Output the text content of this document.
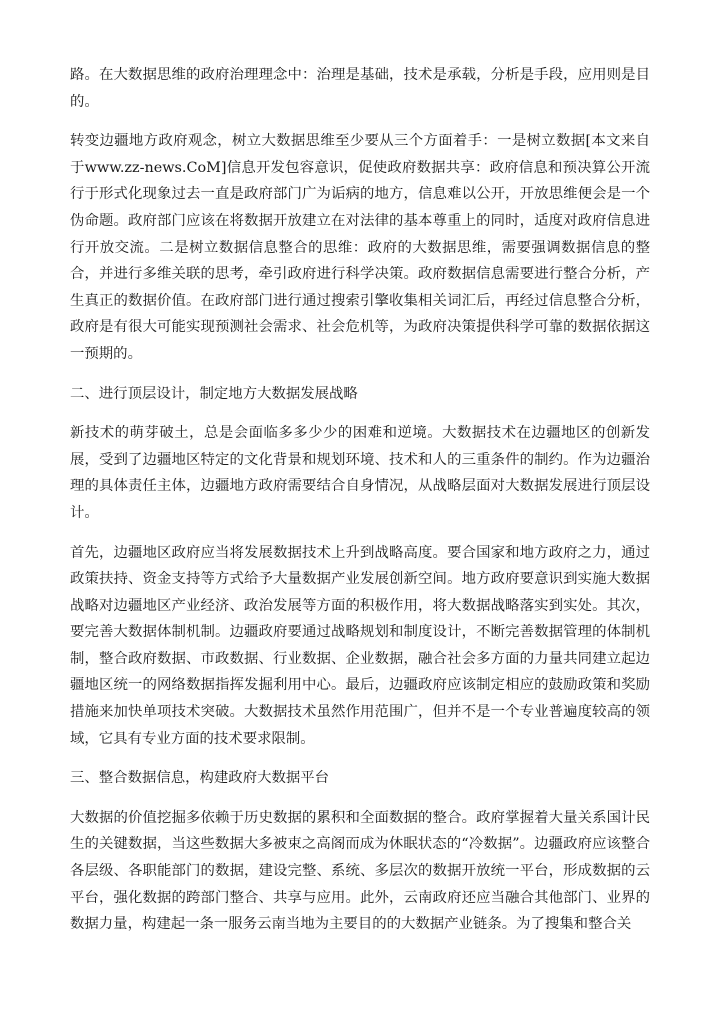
路。在大数据思维的政府治理理念中：治理是基础，技术是承载，分析是手段，应用则是目的。

转变边疆地方政府观念，树立大数据思维至少要从三个方面着手：一是树立数据[本文来自于www.zz-news.CoM]信息开发包容意识，促使政府数据共享：政府信息和预决算公开流行于形式化现象过去一直是政府部门广为诟病的地方，信息难以公开，开放思维便会是一个伪命题。政府部门应该在将数据开放建立在对法律的基本尊重上的同时，适度对政府信息进行开放交流。二是树立数据信息整合的思维：政府的大数据思维，需要强调数据信息的整合，并进行多维关联的思考，牵引政府进行科学决策。政府数据信息需要进行整合分析，产生真正的数据价值。在政府部门进行通过搜索引擎收集相关词汇后，再经过信息整合分析，政府是有很大可能实现预测社会需求、社会危机等，为政府决策提供科学可靠的数据依据这一预期的。

二、进行顶层设计，制定地方大数据发展战略

新技术的萌芽破土，总是会面临多多少少的困难和逆境。大数据技术在边疆地区的创新发展，受到了边疆地区特定的文化背景和规划环境、技术和人的三重条件的制约。作为边疆治理的具体责任主体，边疆地方政府需要结合自身情况，从战略层面对大数据发展进行顶层设计。

首先，边疆地区政府应当将发展数据技术上升到战略高度。要合国家和地方政府之力，通过政策扶持、资金支持等方式给予大量数据产业发展创新空间。地方政府要意识到实施大数据战略对边疆地区产业经济、政治发展等方面的积极作用，将大数据战略落实到实处。其次，要完善大数据体制机制。边疆政府要通过战略规划和制度设计，不断完善数据管理的体制机制，整合政府数据、市政数据、行业数据、企业数据，融合社会多方面的力量共同建立起边疆地区统一的网络数据指挥发掘利用中心。最后，边疆政府应该制定相应的鼓励政策和奖励措施来加快单项技术突破。大数据技术虽然作用范围广，但并不是一个专业普遍度较高的领域，它具有专业方面的技术要求限制。

三、整合数据信息，构建政府大数据平台

大数据的价值挖掘多依赖于历史数据的累积和全面数据的整合。政府掌握着大量关系国计民生的关键数据，当这些数据大多被束之高阁而成为休眠状态的“冷数据”。边疆政府应该整合各层级、各职能部门的数据，建设完整、系统、多层次的数据开放统一平台，形成数据的云平台，强化数据的跨部门整合、共享与应用。此外，云南政府还应当融合其他部门、业界的数据力量，构建起一条一服务云南当地为主要目的的大数据产业链条。为了搜集和整合关
